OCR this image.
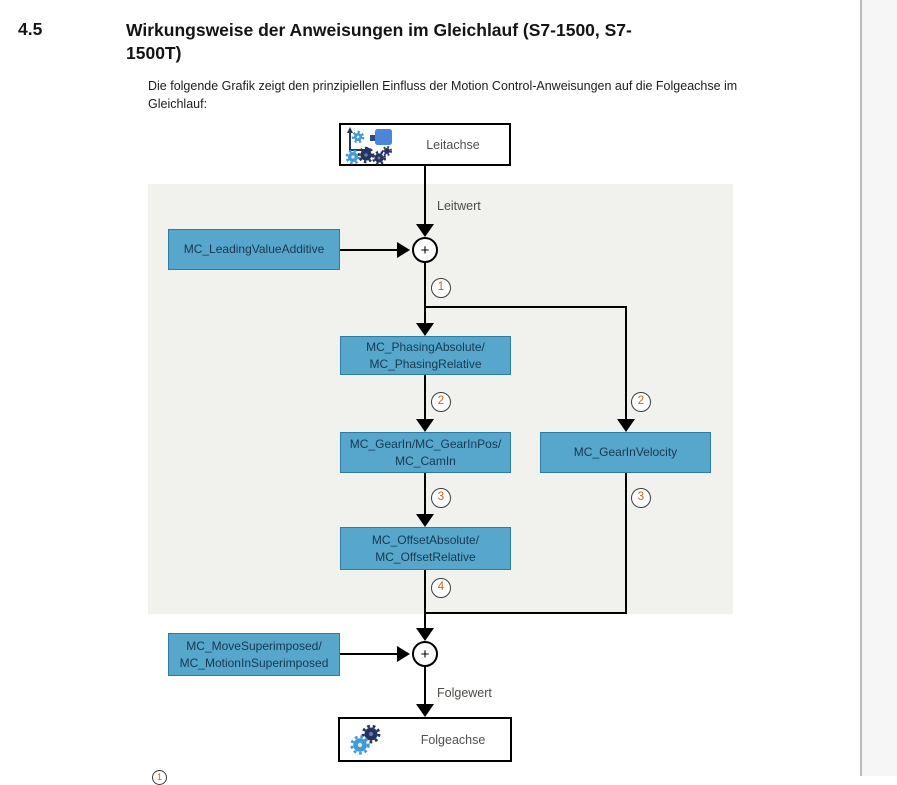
4.5	Wirkungsweise der Anweisungen im Gleichlauf (S7-1500, S7-1500T)
Die folgende Grafik zeigt den prinzipiellen Einfluss der Motion Control-Anweisungen auf die Folgeachse im Gleichlauf:
Leitachse
Leitwert
MC_LeadingValueAdditive	+
1
MC_PhasingAbsolute/
MC_PhasingRelative
2	2
MC_GearIn/MC_GearInPos/
MC_CamIn
MC_GearInVelocity
3	3
MC_OffsetAbsolute/
MC_OffsetRelative
4
MC_MoveSuperimposed/
MC_MotionInSuperimposed	+
Folgewert
Folgeachse
1
